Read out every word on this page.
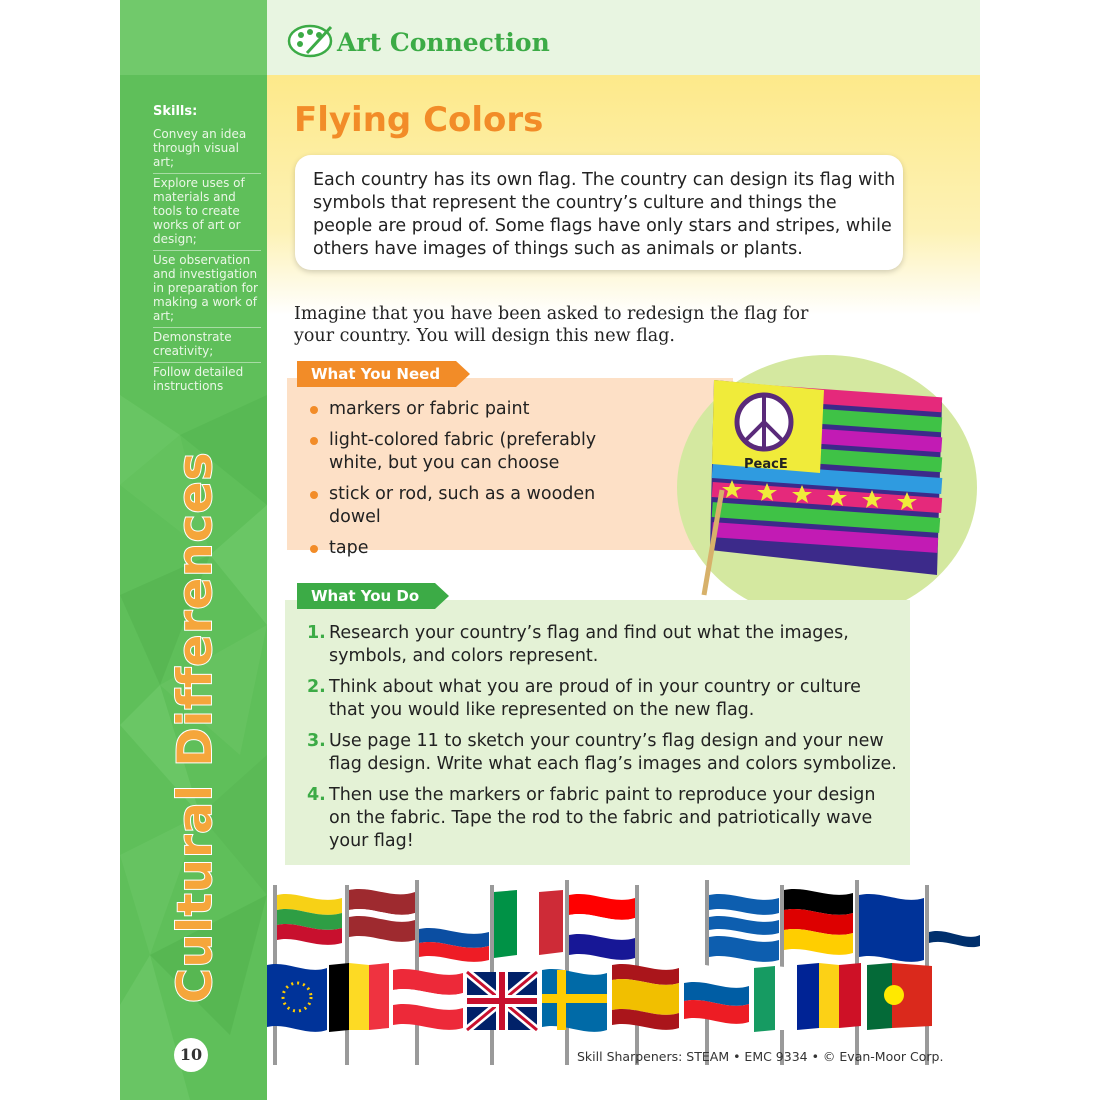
Skills:
Convey an idea through visual art;
Explore uses of materials and tools to create works of art or design;
Use observation and investigation in preparation for making a work of art;
Demonstrate creativity;
Follow detailed instructions
Cultural Differences
10
Art Connection
Flying Colors

Each country has its own flag. The country can design its flag with symbols that represent the country’s culture and things the people are proud of. Some flags have only stars and stripes, while others have images of things such as animals or plants.

Imagine that you have been asked to redesign the flag for your country. You will design this new flag.

What You Need
markers or fabric paint
light-colored fabric (preferably white, but you can choose
stick or rod, such as a wooden dowel
tape
PeacE
What You Do
1. Research your country’s flag and find out what the images, symbols, and colors represent.
2. Think about what you are proud of in your country or culture that you would like represented on the new flag.
3. Use page 11 to sketch your country’s flag design and your new flag design. Write what each flag’s images and colors symbolize.
4. Then use the markers or fabric paint to reproduce your design on the fabric. Tape the rod to the fabric and patriotically wave your flag!
Skill Sharpeners: STEAM • EMC 9334 • © Evan-Moor Corp.
